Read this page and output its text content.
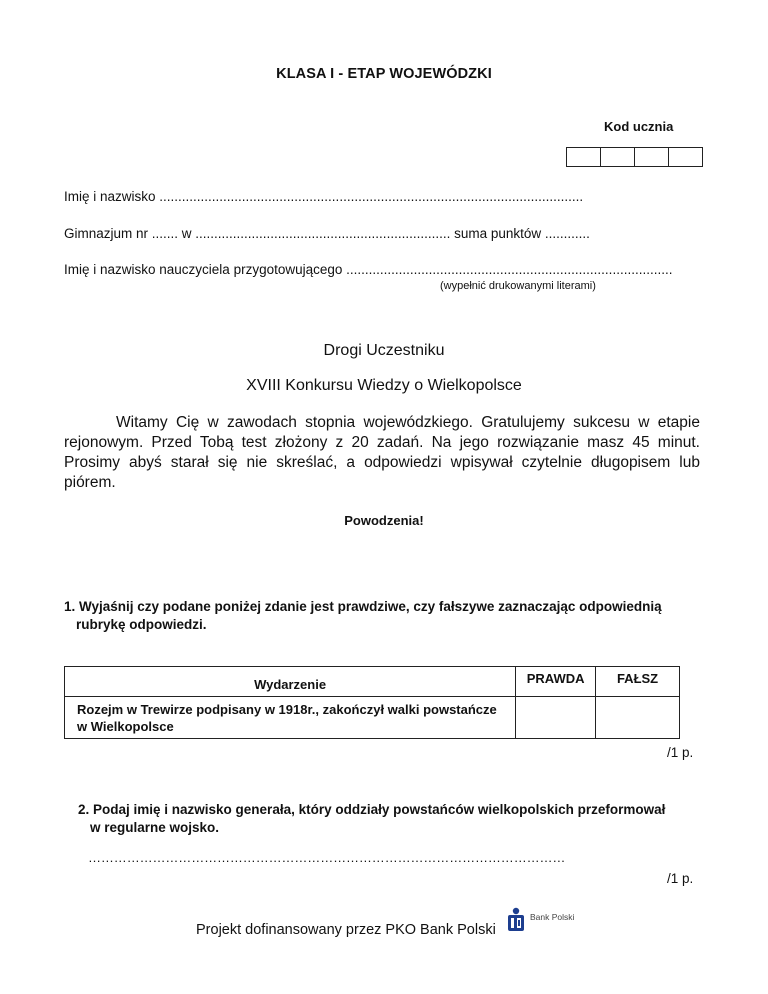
KLASA I - ETAP WOJEWÓDZKI
Kod ucznia
Imię i nazwisko .................................................................................................................
Gimnazjum nr ....... w .................................................................... suma punktów ............
Imię i nazwisko nauczyciela przygotowującego .......................................................................................
(wypełnić drukowanymi literami)
Drogi Uczestniku
XVIII Konkursu Wiedzy o Wielkopolsce

Witamy Cię w zawodach stopnia wojewódzkiego. Gratulujemy sukcesu w etapie rejonowym. Przed Tobą test złożony z 20 zadań. Na jego rozwiązanie masz 45 minut. Prosimy abyś starał się nie skreślać, a odpowiedzi wpisywał czytelnie długopisem lub piórem.

Powodzenia!
1. Wyjaśnij czy podane poniżej zdanie jest prawdziwe, czy fałszywe zaznaczając odpowiednią
rubrykę odpowiedzi.
Wydarzenie	PRAWDA	FAŁSZ
Rozejm w Trewirze podpisany w 1918r., zakończył walki powstańcze w Wielkopolsce		
/1 p.
2. Podaj imię i nazwisko generała, który oddziały powstańców wielkopolskich przeformował
w regularne wojsko.
…………………………………………………………………………………………………
/1 p.
Projekt dofinansowany przez PKO Bank Polski
Bank Polski
